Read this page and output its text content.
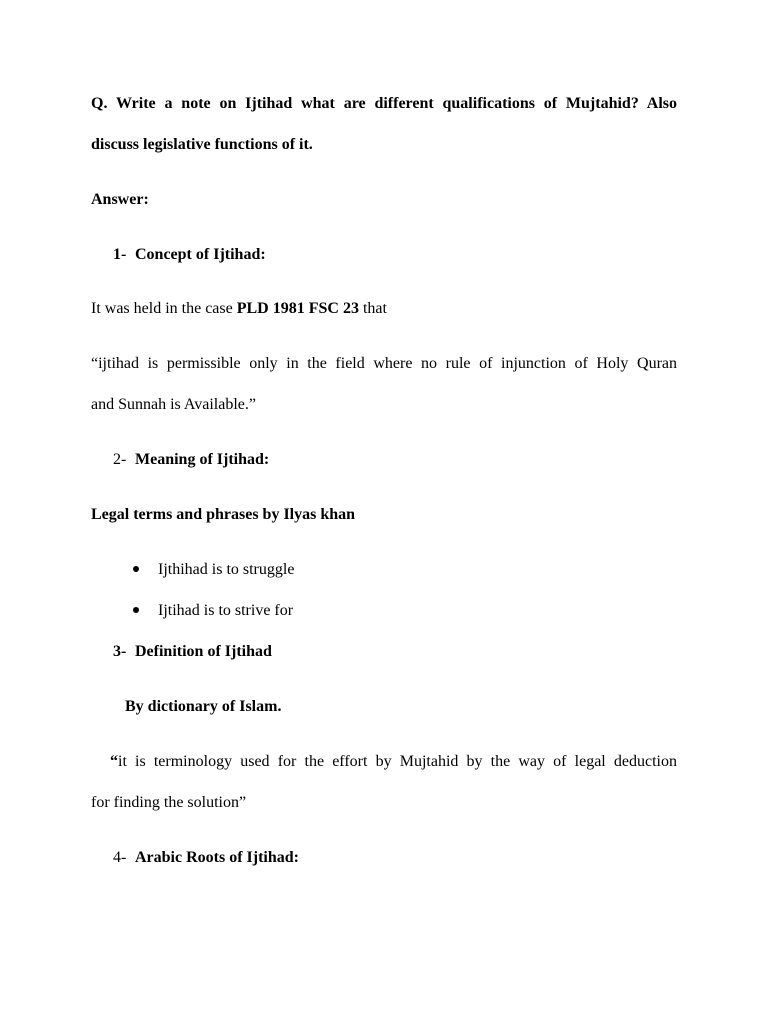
Q. Write a note on Ijtihad what are different qualifications of Mujtahid? Also
discuss legislative functions of it.
Answer:
1- Concept of Ijtihad:
It was held in the case PLD 1981 FSC 23 that
“ijtihad is permissible only in the field where no rule of injunction of Holy Quran
and Sunnah is Available.”
2- Meaning of Ijtihad:
Legal terms and phrases by Ilyas khan
Ijthihad is to struggle
Ijtihad is to strive for
3- Definition of Ijtihad
By dictionary of Islam.
“it is terminology used for the effort by Mujtahid by the way of legal deduction
for finding the solution”
4- Arabic Roots of Ijtihad:
